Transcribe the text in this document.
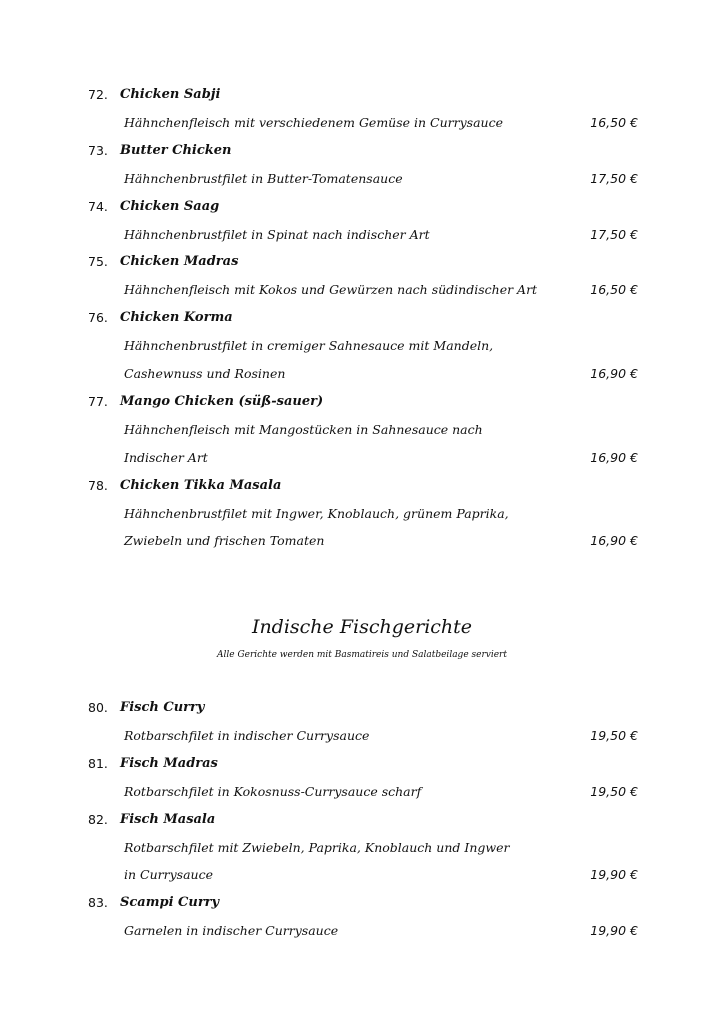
Indische Fischgerichte
Alle Gerichte werden mit Basmatireis und Salatbeilage serviert
72. Chicken Sabji
Hähnchenfleisch mit verschiedenem Gemüse in Currysauce	16,50 €
73. Butter Chicken
Hähnchenbrustfilet in Butter-Tomatensauce	17,50 €
74. Chicken Saag
Hähnchenbrustfilet in Spinat nach indischer Art	17,50 €
75. Chicken Madras
Hähnchenfleisch mit Kokos und Gewürzen nach südindischer Art	16,50 €
76. Chicken Korma
Hähnchenbrustfilet in cremiger Sahnesauce mit Mandeln,
Cashewnuss und Rosinen	16,90 €
77. Mango Chicken (süß-sauer)
Hähnchenfleisch mit Mangostücken in Sahnesauce nach
Indischer Art	16,90 €
78. Chicken Tikka Masala
Hähnchenbrustfilet mit Ingwer, Knoblauch, grünem Paprika,
Zwiebeln und frischen Tomaten	16,90 €
80. Fisch Curry
Rotbarschfilet in indischer Currysauce	19,50 €
81. Fisch Madras
Rotbarschfilet in Kokosnuss-Currysauce scharf	19,50 €
82. Fisch Masala
Rotbarschfilet mit Zwiebeln, Paprika, Knoblauch und Ingwer
in Currysauce	19,90 €
83. Scampi Curry
Garnelen in indischer Currysauce	19,90 €
